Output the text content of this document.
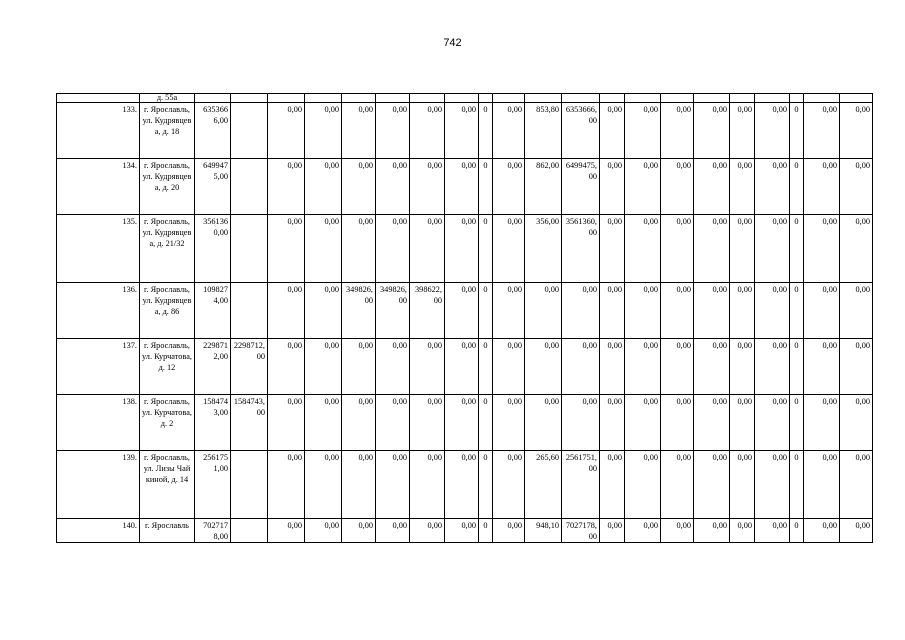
742
	д. 55а																					
133.	г. Ярославль, ул. Кудрявцева, д. 18	6353666,00		0,00	0,00	0,00	0,00	0,00	0,00	0	0,00	853,80	6353666,00	0,00	0,00	0,00	0,00	0,00	0,00	0	0,00	0,00
134.	г. Ярославль, ул. Кудрявцева, д. 20	6499475,00		0,00	0,00	0,00	0,00	0,00	0,00	0	0,00	862,00	6499475,00	0,00	0,00	0,00	0,00	0,00	0,00	0	0,00	0,00
135.	г. Ярославль, ул. Кудрявцева, д. 21/32	3561360,00		0,00	0,00	0,00	0,00	0,00	0,00	0	0,00	356,00	3561360,00	0,00	0,00	0,00	0,00	0,00	0,00	0	0,00	0,00
136.	г. Ярославль, ул. Кудрявцева, д. 86	1098274,00		0,00	0,00	349826,00	349826,00	398622,00	0,00	0	0,00	0,00	0,00	0,00	0,00	0,00	0,00	0,00	0,00	0	0,00	0,00
137.	г. Ярославль, ул. Курчатова, д. 12	2298712,00	2298712,00	0,00	0,00	0,00	0,00	0,00	0,00	0	0,00	0,00	0,00	0,00	0,00	0,00	0,00	0,00	0,00	0	0,00	0,00
138.	г. Ярославль, ул. Курчатова, д. 2	1584743,00	1584743,00	0,00	0,00	0,00	0,00	0,00	0,00	0	0,00	0,00	0,00	0,00	0,00	0,00	0,00	0,00	0,00	0	0,00	0,00
139.	г. Ярославль, ул. Лизы Чайкиной, д. 14	2561751,00		0,00	0,00	0,00	0,00	0,00	0,00	0	0,00	265,60	2561751,00	0,00	0,00	0,00	0,00	0,00	0,00	0	0,00	0,00
140.	г. Ярославль	7027178,00		0,00	0,00	0,00	0,00	0,00	0,00	0	0,00	948,10	7027178,00	0,00	0,00	0,00	0,00	0,00	0,00	0	0,00	0,00
